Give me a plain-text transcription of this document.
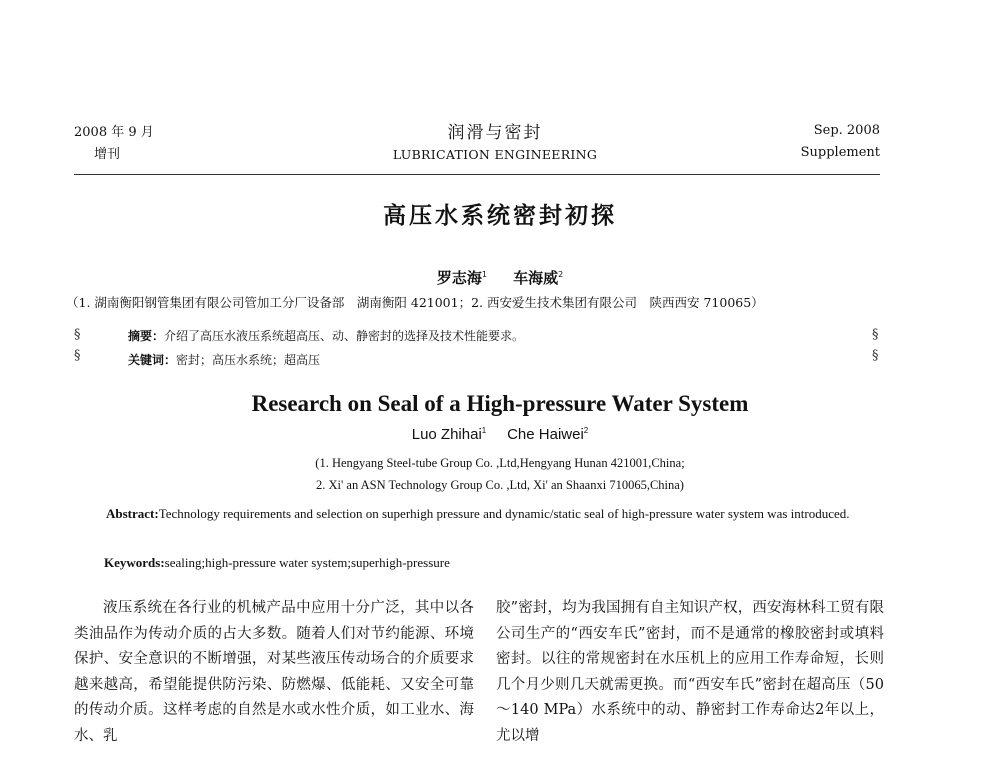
2008 年 9 月
增刊
润滑与密封
LUBRICATION ENGINEERING
Sep. 2008
Supplement
高压水系统密封初探
罗志海$^1$ 车海威$^2$
（1. 湖南衡阳钢管集团有限公司管加工分厂设备部　湖南衡阳 421001；2. 西安爱生技术集团有限公司　陕西西安 710065）
§
§
§
§
摘要：介绍了高压水液压系统超高压、动、静密封的选择及技术性能要求。
关键词：密封；高压水系统；超高压
Research on Seal of a High-pressure Water System
Luo Zhihai$^1$ Che Haiwei$^2$
(1. Hengyang Steel-tube Group Co. ,Ltd,Hengyang Hunan 421001,China;
2. Xi' an ASN Technology Group Co. ,Ltd, Xi' an Shaanxi 710065,China)
Abstract:Technology requirements and selection on superhigh pressure and dynamic/static seal of high-pressure water system was introduced.
Keywords:sealing;high-pressure water system;superhigh-pressure

液压系统在各行业的机械产品中应用十分广泛，其中以各类油品作为传动介质的占大多数。随着人们对节约能源、环境保护、安全意识的不断增强，对某些液压传动场合的介质要求越来越高，希望能提供防污染、防燃爆、低能耗、又安全可靠的传动介质。这样考虑的自然是水或水性介质，如工业水、海水、乳

胶”密封，均为我国拥有自主知识产权，西安海林科工贸有限公司生产的“西安车氏”密封，而不是通常的橡胶密封或填料密封。以往的常规密封在水压机上的应用工作寿命短，长则几个月少则几天就需更换。而“西安车氏”密封在超高压（50～140 MPa）水系统中的动、静密封工作寿命达2年以上，尤以增
